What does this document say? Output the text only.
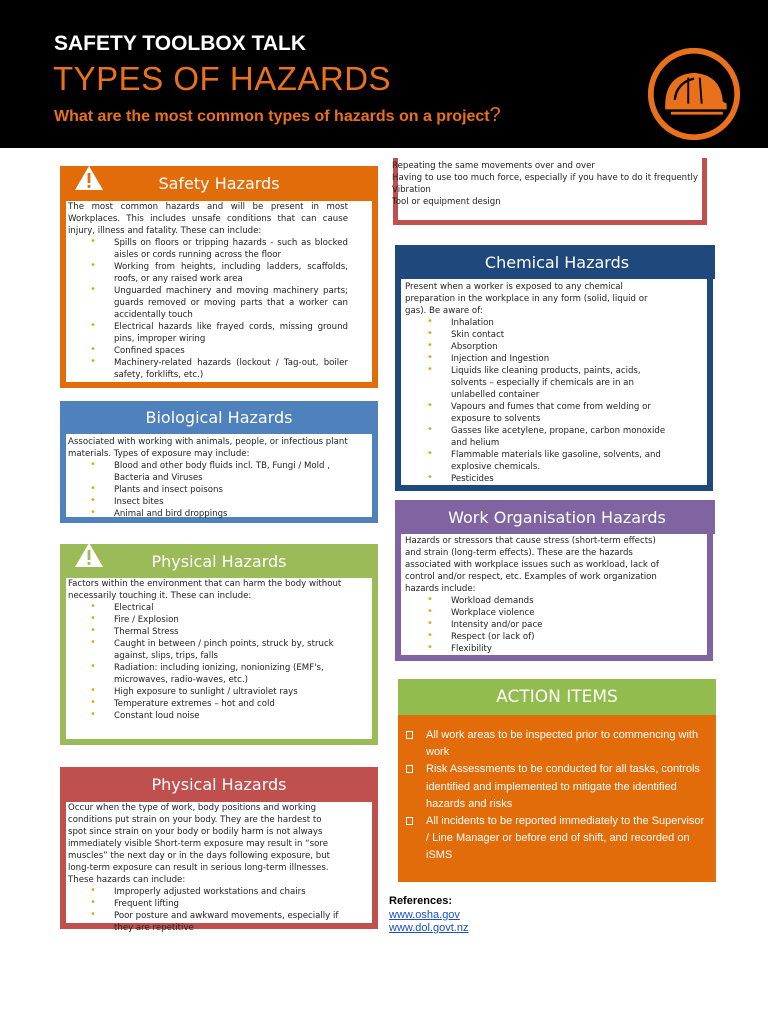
SAFETY TOOLBOX TALK
TYPES OF HAZARDS
What are the most common types of hazards on a project?
Safety Hazards
The most common hazards and will be present in most Workplaces. This includes unsafe conditions that can cause injury, illness and fatality. These can include:
• Spills on floors or tripping hazards - such as blocked aisles or cords running across the floor
• Working from heights, including ladders, scaffolds, roofs, or any raised work area
• Unguarded machinery and moving machinery parts; guards removed or moving parts that a worker can accidentally touch
• Electrical hazards like frayed cords, missing ground pins, improper wiring
• Confined spaces
• Machinery-related hazards (lockout / Tag-out, boiler safety, forklifts, etc.)
Biological Hazards
Associated with working with animals, people, or infectious plant materials. Types of exposure may include:
• Blood and other body fluids incl. TB, Fungi / Mold , Bacteria and Viruses
• Plants and insect poisons
• Insect bites
• Animal and bird droppings
Physical Hazards
Factors within the environment that can harm the body without necessarily touching it. These can include:
• Electrical
• Fire / Explosion
• Thermal Stress
• Caught in between / pinch points, struck by, struck against, slips, trips, falls
• Radiation: including ionizing, nonionizing (EMF's, microwaves, radio-waves, etc.)
• High exposure to sunlight / ultraviolet rays
• Temperature extremes – hot and cold
• Constant loud noise
Physical Hazards
Occur when the type of work, body positions and working conditions put strain on your body. They are the hardest to spot since strain on your body or bodily harm is not always immediately visible Short-term exposure may result in “sore muscles” the next day or in the days following exposure, but long-term exposure can result in serious long-term illnesses. These hazards can include:
• Improperly adjusted workstations and chairs
• Frequent lifting
• Poor posture and awkward movements, especially if they are repetitive
Repeating the same movements over and over
Having to use too much force, especially if you have to do it frequently
Vibration
Tool or equipment design
Chemical Hazards
Present when a worker is exposed to any chemical preparation in the workplace in any form (solid, liquid or gas). Be aware of:
• Inhalation
• Skin contact
• Absorption
• Injection and Ingestion
• Liquids like cleaning products, paints, acids, solvents – especially if chemicals are in an unlabelled container
• Vapours and fumes that come from welding or exposure to solvents
• Gasses like acetylene, propane, carbon monoxide and helium
• Flammable materials like gasoline, solvents, and explosive chemicals.
• Pesticides
Work Organisation Hazards
Hazards or stressors that cause stress (short-term effects) and strain (long-term effects). These are the hazards associated with workplace issues such as workload, lack of control and/or respect, etc. Examples of work organization hazards include:
• Workload demands
• Workplace violence
• Intensity and/or pace
• Respect (or lack of)
• Flexibility
ACTION ITEMS
All work areas to be inspected prior to commencing with work
Risk Assessments to be conducted for all tasks, controls identified and implemented to mitigate the identified hazards and risks
All incidents to be reported immediately to the Supervisor / Line Manager or before end of shift, and recorded on iSMS
References:
www.osha.gov
www.dol.govt.nz
